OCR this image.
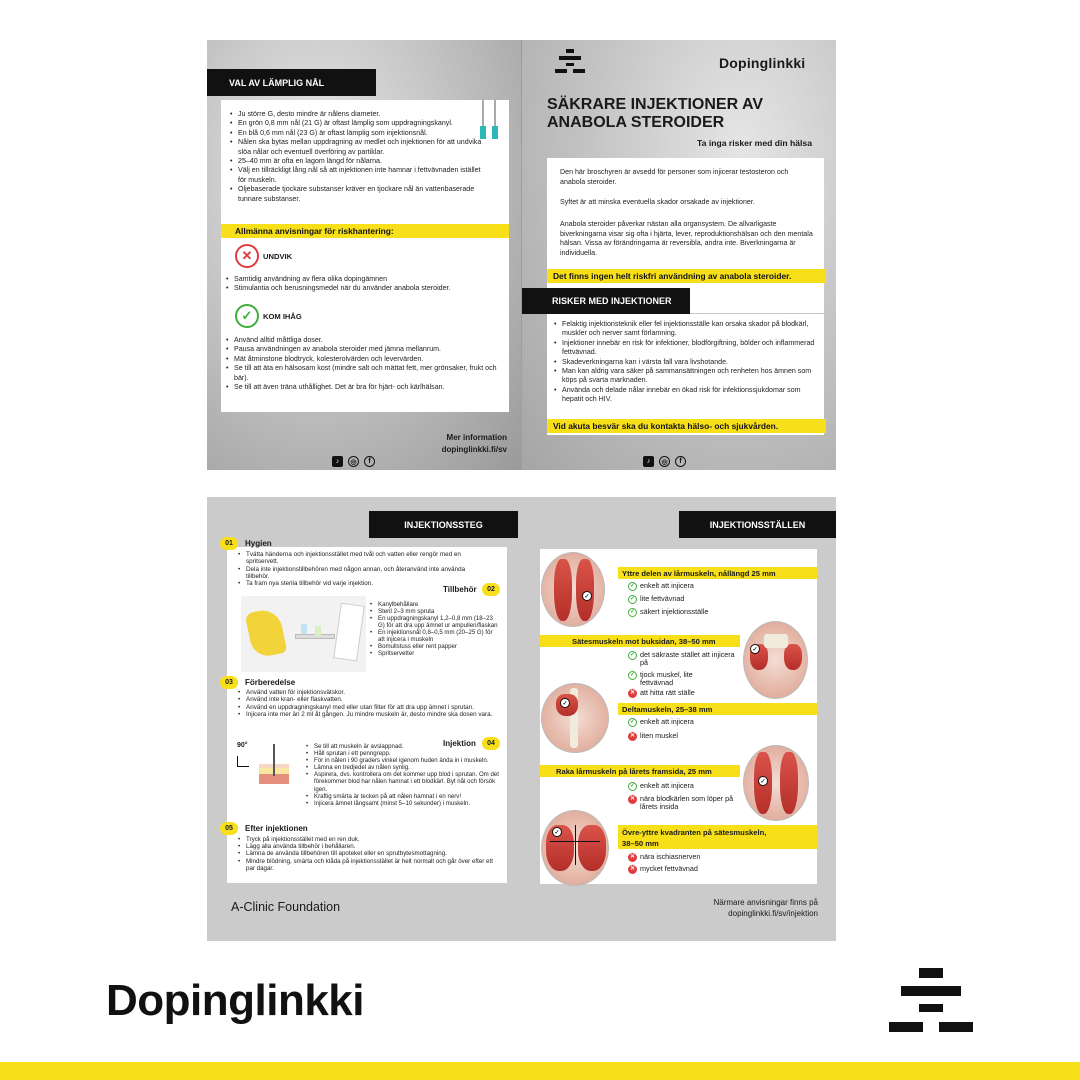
VAL AV LÄMPLIG NÅL
• Ju större G, desto mindre är nålens diameter.
• En grön 0,8 mm nål (21 G) är oftast lämplig som uppdragningskanyl.
• En blå 0,6 mm nål (23 G) är oftast lämplig som injektionsnål.
• Nålen ska bytas mellan uppdragning av medlet och injektionen för att undvika slöa nålar och eventuell överföring av partiklar.
• 25–40 mm är ofta en lagom längd för nålarna.
• Välj en tillräckligt lång nål så att injektionen inte hamnar i fettvävnaden istället för muskeln.
• Oljebaserade tjockare substanser kräver en tjockare nål än vattenbaserade tunnare substanser.
Allmänna anvisningar för riskhantering:
✕	UNDVIK
• Samtidig användning av flera olika dopingämnen
• Stimulantia och berusningsmedel när du använder anabola steroider.
✓	KOM IHÅG
• Använd alltid måttliga doser.
• Pausa användningen av anabola steroider med jämna mellanrum.
• Mät åtminstone blodtryck, kolesterolvärden och levervärden.
• Se till att äta en hälsosam kost (mindre salt och mättat fett, mer grönsaker, frukt och bär).
• Se till att även träna uthållighet. Det är bra för hjärt- och kärlhälsan.
Mer information
dopinglinkki.fi/sv
♪	◎	f
Dopinglinkki
SÄKRARE INJEKTIONER AV
ANABOLA STEROIDER
Ta inga risker med din hälsa
Den här broschyren är avsedd för personer som injicerar testosteron och anabola steroider.
Syftet är att minska eventuella skador orsakade av injektioner.
Anabola steroider påverkar nästan alla organsystem. De allvarligaste biverkningarna visar sig ofta i hjärta, lever, reproduktionshälsan och den mentala hälsan. Vissa av förändringarna är reversibla, andra inte. Biverkningarna är individuella.
Det finns ingen helt riskfri användning av anabola steroider.
RISKER MED INJEKTIONER
• Felaktig injektionsteknik eller fel injektionsställe kan orsaka skador på blodkärl, muskler och nerver samt förlamning.
• Injektioner innebär en risk för infektioner, blodförgiftning, bölder och inflammerad fettvävnad.
• Skadeverkningarna kan i värsta fall vara livshotande.
• Man kan aldrig vara säker på sammansättningen och renheten hos ämnen som köps på svarta marknaden.
• Använda och delade nålar innebär en ökad risk för infektionssjukdomar som hepatit och HIV.
Vid akuta besvär ska du kontakta hälso- och sjukvården.
♪	◎	f
INJEKTIONSSTEG
01	Hygien
• Tvätta händerna och injektionsstället med tvål och vatten eller rengör med en spritservett.
• Dela inte injektionstillbehören med någon annan, och återanvänd inte använda tillbehör.
• Ta fram nya sterila tillbehör vid varje injektion.
Tillbehör	02
• Kanylbehållare
• Steril 2–3 mm spruta
• En uppdragningskanyl 1,2–0,8 mm (18–23 G) för att dra upp ämnet ur ampullen/flaskan
• En injektionsnål 0,8–0,5 mm (20–25 G) för att injicera i muskeln
• Bomullstuss eller rent papper
• Spritservetter
03	Förberedelse
• Använd vatten för injektionsvätskor.
• Använd inte kran- eller flaskvatten.
• Använd en uppdragningskanyl med eller utan filter för att dra upp ämnet i sprutan.
• Injicera inte mer än 2 ml åt gången. Ju mindre muskeln är, desto mindre ska dosen vara.
Injektion	04
90°
•	Se till att muskeln är avslappnad.
• Håll sprutan i ett penngrepp.
• För in nålen i 90 graders vinkel igenom huden ända in i muskeln.
• Lämna en tredjedel av nålen synlig.
• Aspirera, dvs. kontrollera om det kommer upp blod i sprutan. Om det förekommer blod har nålen hamnat i ett blodkärl. Byt nål och försök igen.
• Kraftig smärta är tecken på att nålen hamnat i en nerv!
• Injicera ämnet långsamt (minst 5–10 sekunder) i muskeln.
05	Efter injektionen
• Tryck på injektionsstället med en ren duk.
• Lägg alla använda tillbehör i behållaren.
• Lämna de använda tillbehören till apoteket eller en sprutbytesmottagning.
• Mindre blödning, smärta och klåda på injektionsstället är helt normalt och går över efter ett par dagar.
A-Clinic Foundation
INJEKTIONSSTÄLLEN
✓
Yttre delen av lårmuskeln, nållängd 25 mm
✓ enkelt att injicera
✓ lite fettvävnad
✓ säkert injektionsställe
Sätesmuskeln mot buksidan, 38–50 mm
✓
✓ det säkraste stället att injicera på
✓ tjock muskel, lite fettvävnad
✕ att hitta rätt ställe
✓
Deltamuskeln, 25–38 mm
✓ enkelt att injicera
✕ liten muskel
Raka lårmuskeln på lårets framsida, 25 mm
✓
✓ enkelt att injicera
✕ nära blodkärlen som löper på lårets insida
✓	Övre-yttre kvadranten på sätesmuskeln,
38–50 mm
✕ nära ischiasnerven
✕ mycket fettvävnad
Närmare anvisningar finns på
dopinglinkki.fi/sv/injektion
Dopinglinkki
